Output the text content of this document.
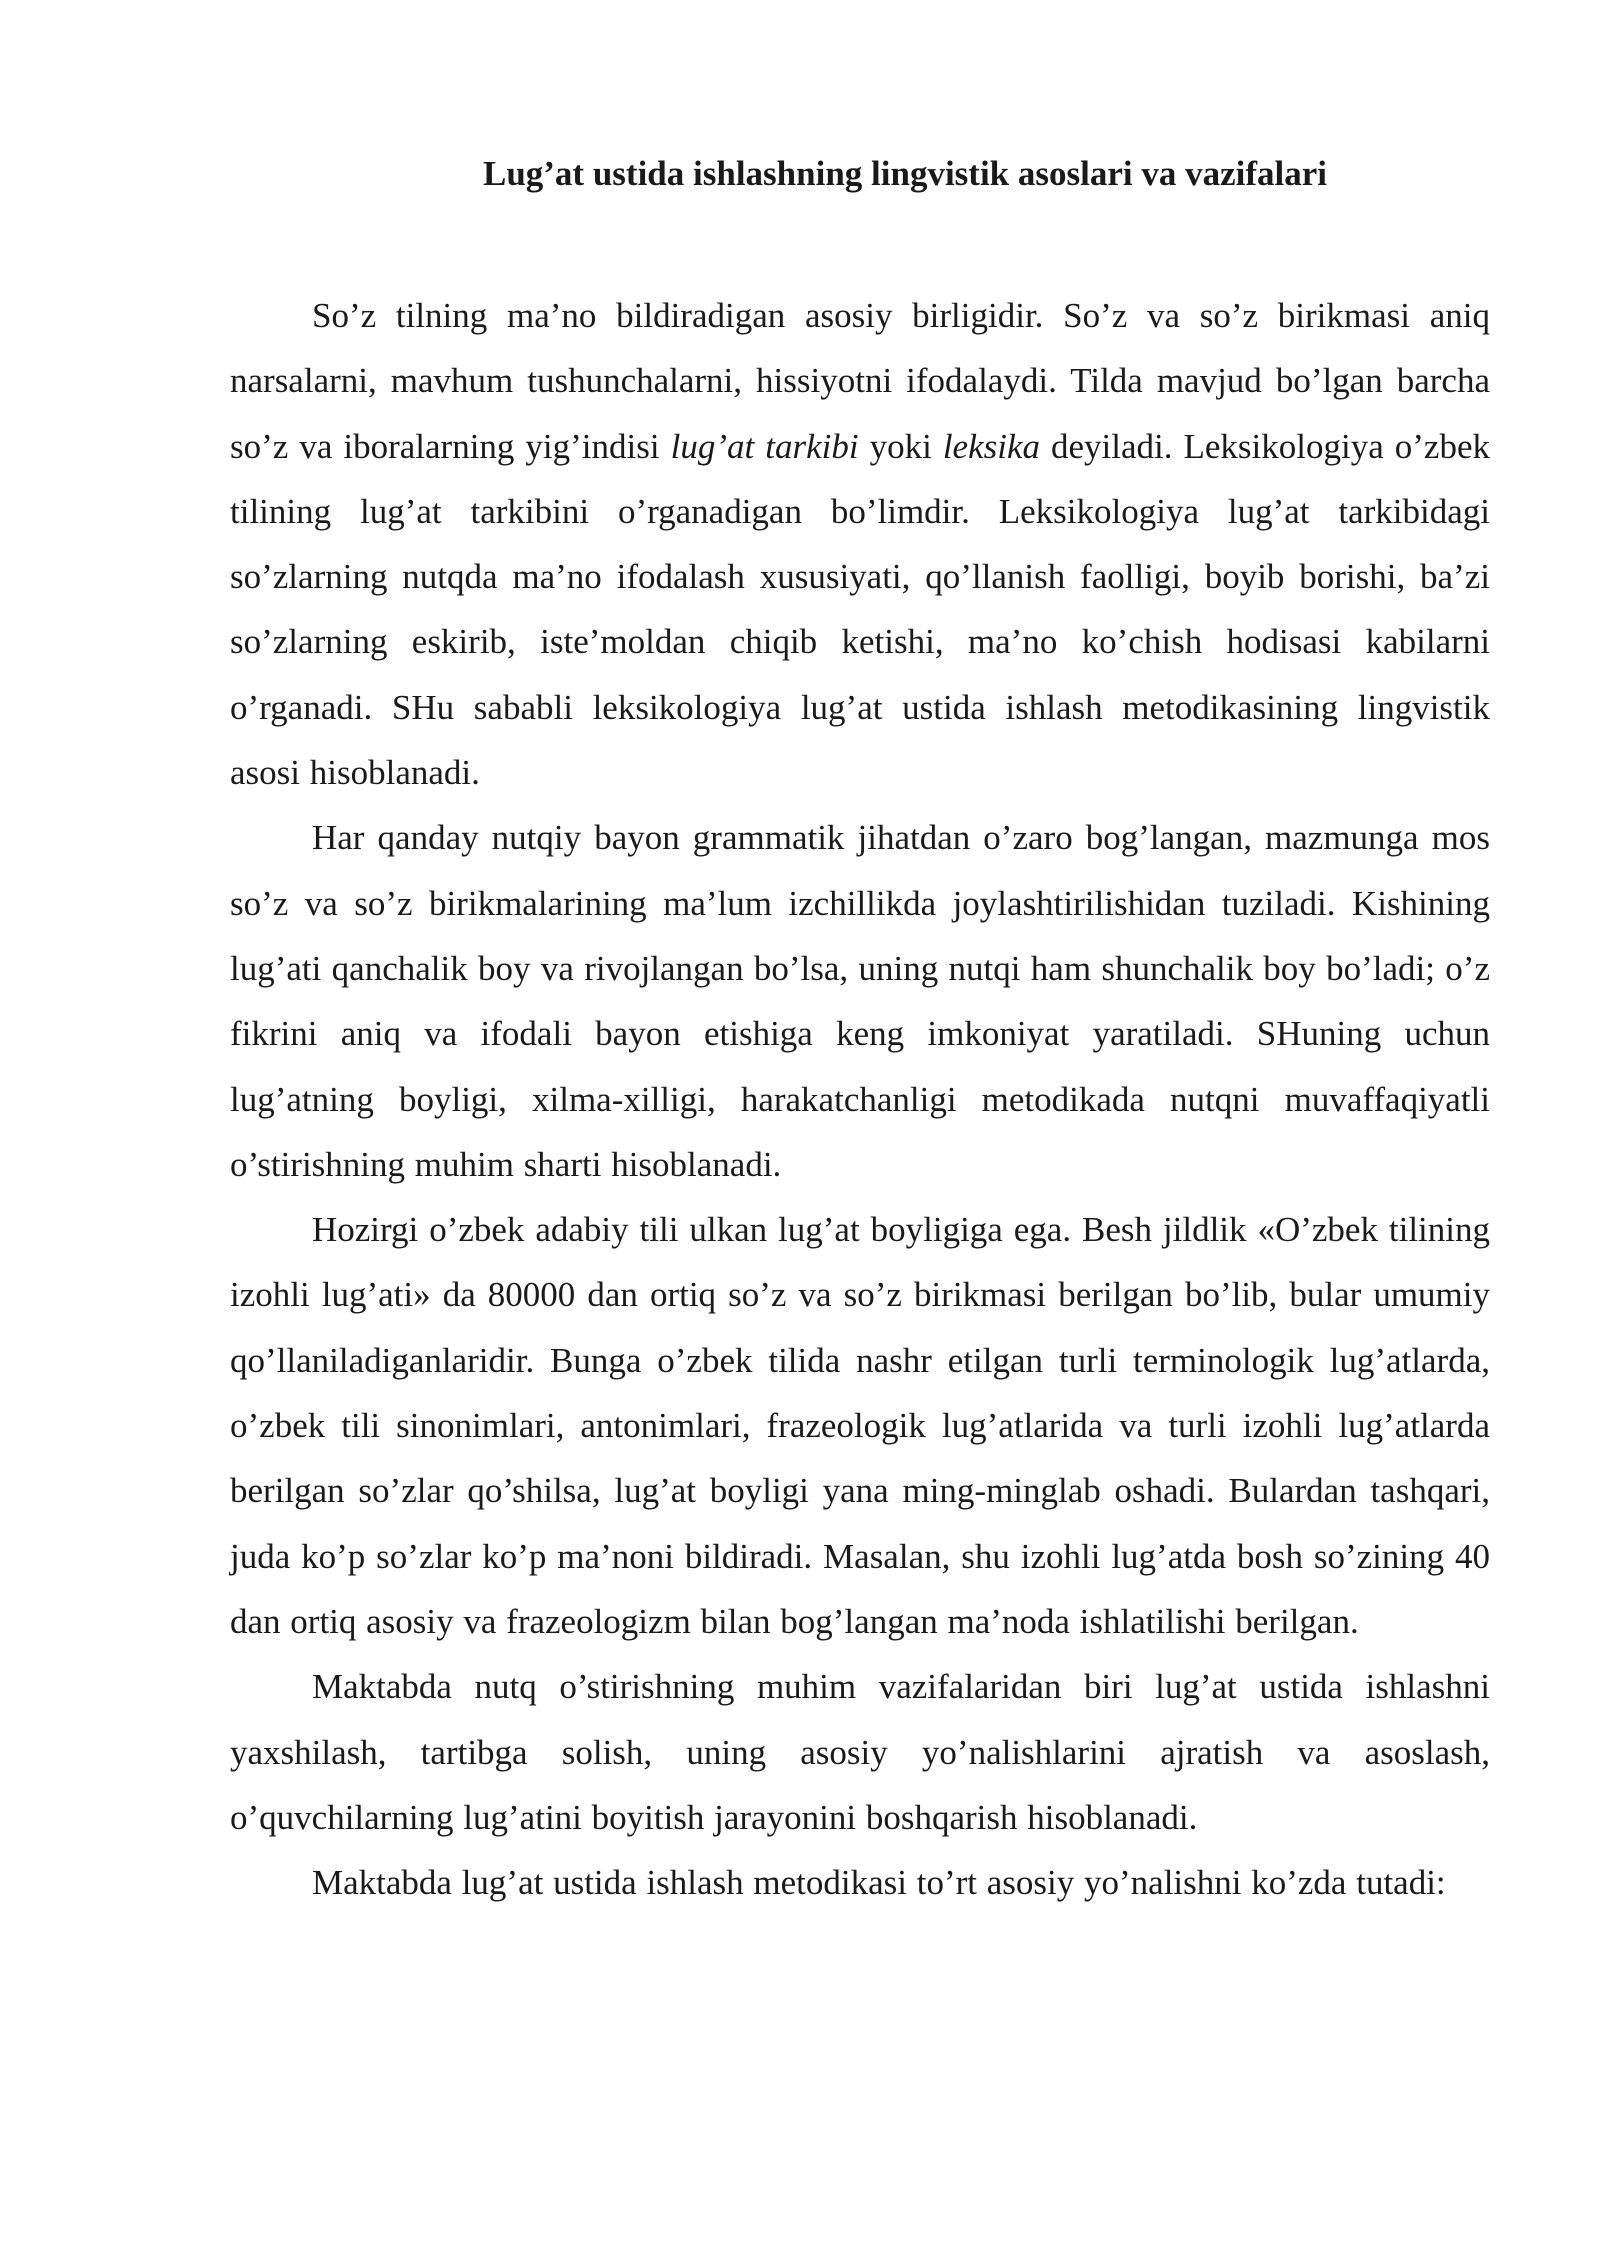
Lug’at ustida ishlashning lingvistik asoslari va vazifalari

So’z tilning ma’no bildiradigan asosiy birligidir. So’z va so’z birikmasi aniq narsalarni, mavhum tushunchalarni, hissiyotni ifodalaydi. Tilda mavjud bo’lgan barcha so’z va iboralarning yig’indisi lug’at tarkibi yoki leksika deyiladi. Leksikologiya o’zbek tilining lug’at tarkibini o’rganadigan bo’limdir. Leksikologiya lug’at tarkibidagi so’zlarning nutqda ma’no ifodalash xususiyati, qo’llanish faolligi, boyib borishi, ba’zi so’zlarning eskirib, iste’moldan chiqib ketishi, ma’no ko’chish hodisasi kabilarni o’rganadi. SHu sababli leksikologiya lug’at ustida ishlash metodikasining lingvistik asosi hisoblanadi.

Har qanday nutqiy bayon grammatik jihatdan o’zaro bog’langan, mazmunga mos so’z va so’z birikmalarining ma’lum izchillikda joylashtirilishidan tuziladi. Kishining lug’ati qanchalik boy va rivojlangan bo’lsa, uning nutqi ham shunchalik boy bo’ladi; o’z fikrini aniq va ifodali bayon etishiga keng imkoniyat yaratiladi. SHuning uchun lug’atning boyligi, xilma-xilligi, harakatchanligi metodikada nutqni muvaffaqiyatli o’stirishning muhim sharti hisoblanadi.

Hozirgi o’zbek adabiy tili ulkan lug’at boyligiga ega. Besh jildlik «O’zbek tilining izohli lug’ati» da 80000 dan ortiq so’z va so’z birikmasi berilgan bo’lib, bular umumiy qo’llaniladiganlaridir. Bunga o’zbek tilida nashr etilgan turli terminologik lug’atlarda, o’zbek tili sinonimlari, antonimlari, frazeologik lug’atlarida va turli izohli lug’atlarda berilgan so’zlar qo’shilsa, lug’at boyligi yana ming-minglab oshadi. Bulardan tashqari, juda ko’p so’zlar ko’p ma’noni bildiradi. Masalan, shu izohli lug’atda bosh so’zining 40 dan ortiq asosiy va frazeologizm bilan bog’langan ma’noda ishlatilishi berilgan.

Maktabda nutq o’stirishning muhim vazifalaridan biri lug’at ustida ishlashni yaxshilash, tartibga solish, uning asosiy yo’nalishlarini ajratish va asoslash, o’quvchilarning lug’atini boyitish jarayonini boshqarish hisoblanadi.

Maktabda lug’at ustida ishlash metodikasi to’rt asosiy yo’nalishni ko’zda tutadi:
